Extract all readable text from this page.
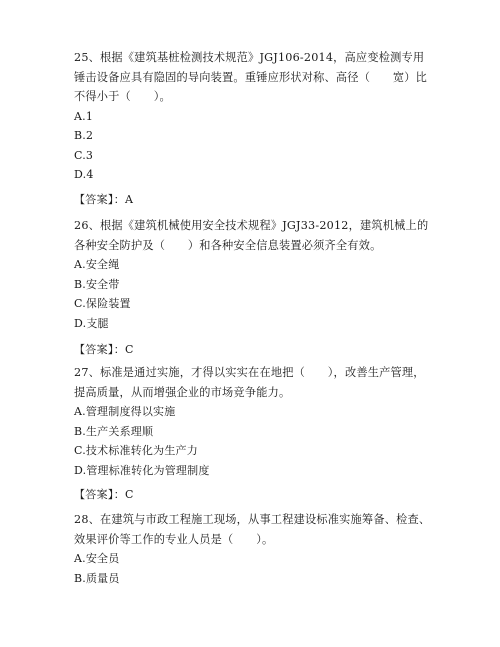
25、根据《建筑基桩检测技术规范》JGJ106-2014，高应变检测专用锤击设备应具有隐固的导向装置。重锤应形状对称、高径（　　宽）比不得小于（　　）。

A.1
B.2
C.3
D.4
【答案】：A

26、根据《建筑机械使用安全技术规程》JGJ33-2012，建筑机械上的各种安全防护及（　　）和各种安全信息装置必须齐全有效。

A.安全绳
B.安全带
C.保险装置
D.支腿
【答案】：C

27、标准是通过实施，才得以实实在在地把（　　），改善生产管理，提高质量，从而增强企业的市场竞争能力。

A.管理制度得以实施
B.生产关系理顺
C.技术标准转化为生产力
D.管理标准转化为管理制度
【答案】：C

28、在建筑与市政工程施工现场，从事工程建设标准实施筹备、检查、效果评价等工作的专业人员是（　　）。

A.安全员
B.质量员
